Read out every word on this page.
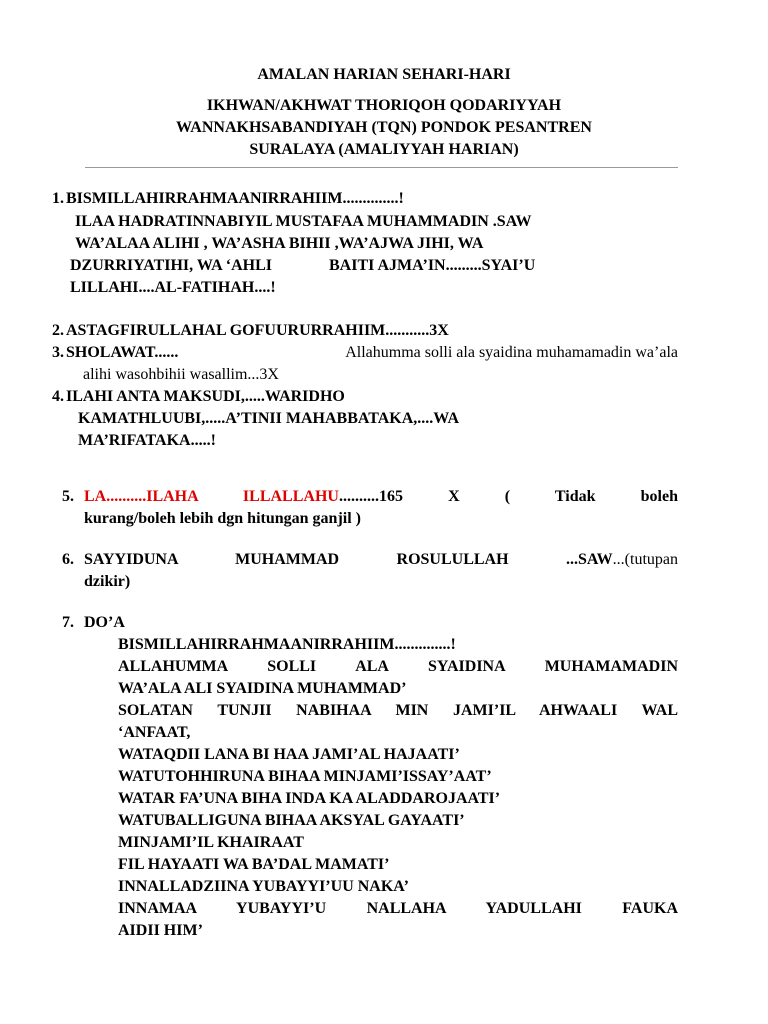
AMALAN HARIAN SEHARI-HARI
IKHWAN/AKHWAT THORIQOH QODARIYYAH
WANNAKHSABANDIYAH (TQN) PONDOK PESANTREN
SURALAYA (AMALIYYAH HARIAN)
1. BISMILLAHIRRAHMAANIRRAHIIM..............!
ILAA HADRATINNABIYIL MUSTAFAA MUHAMMADIN .SAW
WA’ALAA ALIHI , WA’ASHA BIHII ,WA’AJWA JIHI, WA
DZURRIYATIHI, WA ‘AHLI	BAITI AJMA’IN.........SYAI’U
LILLAHI....AL-FATIHAH....!
2. ASTAGFIRULLAHAL GOFUURURRAHIIM...........3X
3. SHOLAWAT......	Allahumma solli ala syaidina muhamamadin wa’ala
alihi wasohbihii wasallim...3X
4. ILAHI ANTA MAKSUDI,.....WARIDHO
KAMATHLUUBI,.....A’TINII MAHABBATAKA,....WA
MA’RIFATAKA.....!
5. LA..........ILAHA ILLALLAHU..........165 X ( Tidak boleh
kurang/boleh lebih dgn hitungan ganjil )
6. SAYYIDUNA MUHAMMAD ROSULULLAH ...SAW...(tutupan
dzikir)
7. DO’A
BISMILLAHIRRAHMAANIRRAHIIM..............!
ALLAHUMMA SOLLI ALA SYAIDINA MUHAMAMADIN
WA’ALA ALI SYAIDINA MUHAMMAD’
SOLATAN TUNJII NABIHAA MIN JAMI’IL AHWAALI WAL
‘ANFAAT,
WATAQDII LANA BI HAA JAMI’AL HAJAATI’
WATUTOHHIRUNA BIHAA MINJAMI’ISSAY’AAT’
WATAR FA’UNA BIHA INDA KA ALADDAROJAATI’
WATUBALLIGUNA BIHAA AKSYAL GAYAATI’
MINJAMI’IL KHAIRAAT
FIL HAYAATI WA BA’DAL MAMATI’
INNALLADZIINA YUBAYYI’UU NAKA’
INNAMAA YUBAYYI’U NALLAHA YADULLAHI FAUKA
AIDII HIM’
